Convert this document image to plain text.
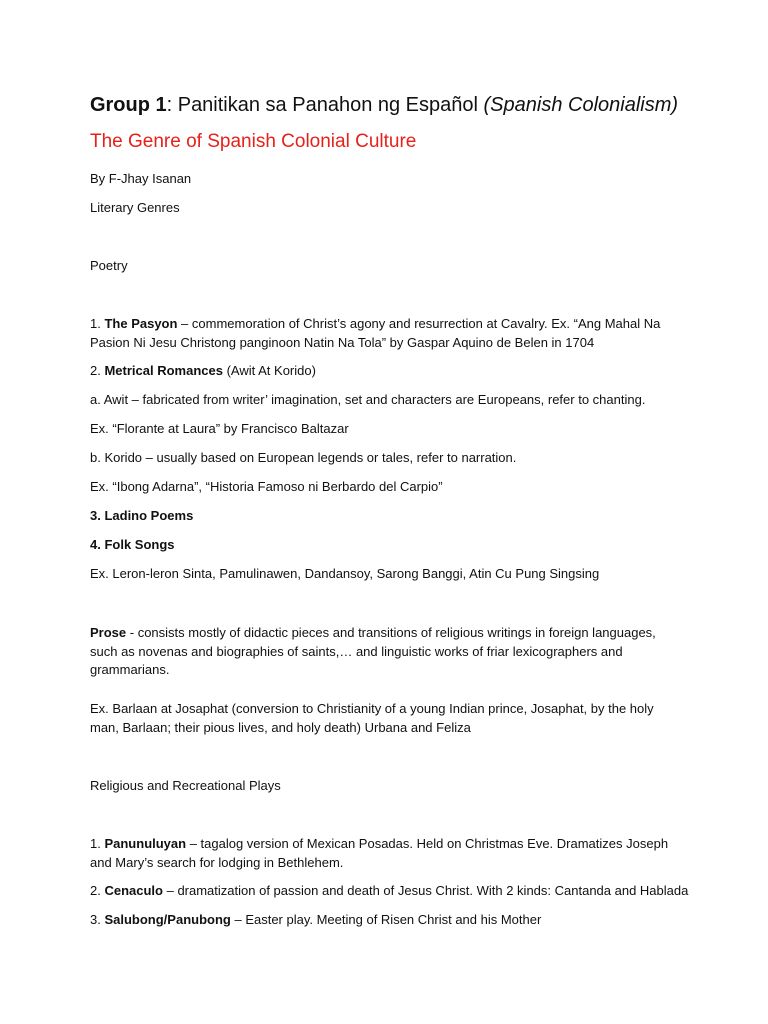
Group 1: Panitikan sa Panahon ng Español (Spanish Colonialism)
The Genre of Spanish Colonial Culture
By F-Jhay Isanan
Literary Genres
Poetry
1. The Pasyon – commemoration of Christ’s agony and resurrection at Cavalry. Ex. “Ang Mahal Na Pasion Ni Jesu Christong panginoon Natin Na Tola” by Gaspar Aquino de Belen in 1704
2. Metrical Romances (Awit At Korido)
a. Awit – fabricated from writer’ imagination, set and characters are Europeans, refer to chanting.
Ex. “Florante at Laura” by Francisco Baltazar
b. Korido – usually based on European legends or tales, refer to narration.
Ex. “Ibong Adarna”, “Historia Famoso ni Berbardo del Carpio”
3. Ladino Poems
4. Folk Songs
Ex. Leron-leron Sinta, Pamulinawen, Dandansoy, Sarong Banggi, Atin Cu Pung Singsing
Prose - consists mostly of didactic pieces and transitions of religious writings in foreign languages, such as novenas and biographies of saints,… and linguistic works of friar lexicographers and grammarians.
Ex. Barlaan at Josaphat (conversion to Christianity of a young Indian prince, Josaphat, by the holy man, Barlaan; their pious lives, and holy death) Urbana and Feliza
Religious and Recreational Plays
1. Panunuluyan – tagalog version of Mexican Posadas. Held on Christmas Eve. Dramatizes Joseph and Mary’s search for lodging in Bethlehem.
2. Cenaculo – dramatization of passion and death of Jesus Christ. With 2 kinds: Cantanda and Hablada
3. Salubong/Panubong – Easter play. Meeting of Risen Christ and his Mother
